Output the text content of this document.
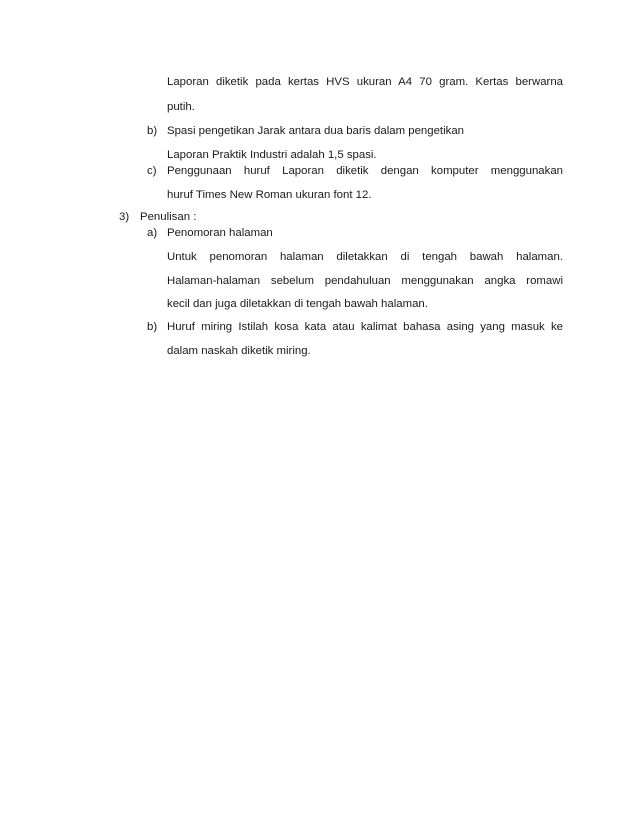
Laporan diketik pada kertas HVS ukuran A4 70 gram. Kertas berwarna
putih.
b) Spasi pengetikan Jarak antara dua baris dalam pengetikan
Laporan Praktik Industri adalah 1,5 spasi.
c) Penggunaan huruf Laporan diketik dengan komputer menggunakan
huruf Times New Roman ukuran font 12.
3) Penulisan :
a) Penomoran halaman
Untuk penomoran halaman diletakkan di tengah bawah halaman.
Halaman-halaman sebelum pendahuluan menggunakan angka romawi
kecil dan juga diletakkan di tengah bawah halaman.
b) Huruf miring Istilah kosa kata atau kalimat bahasa asing yang masuk ke
dalam naskah diketik miring.
